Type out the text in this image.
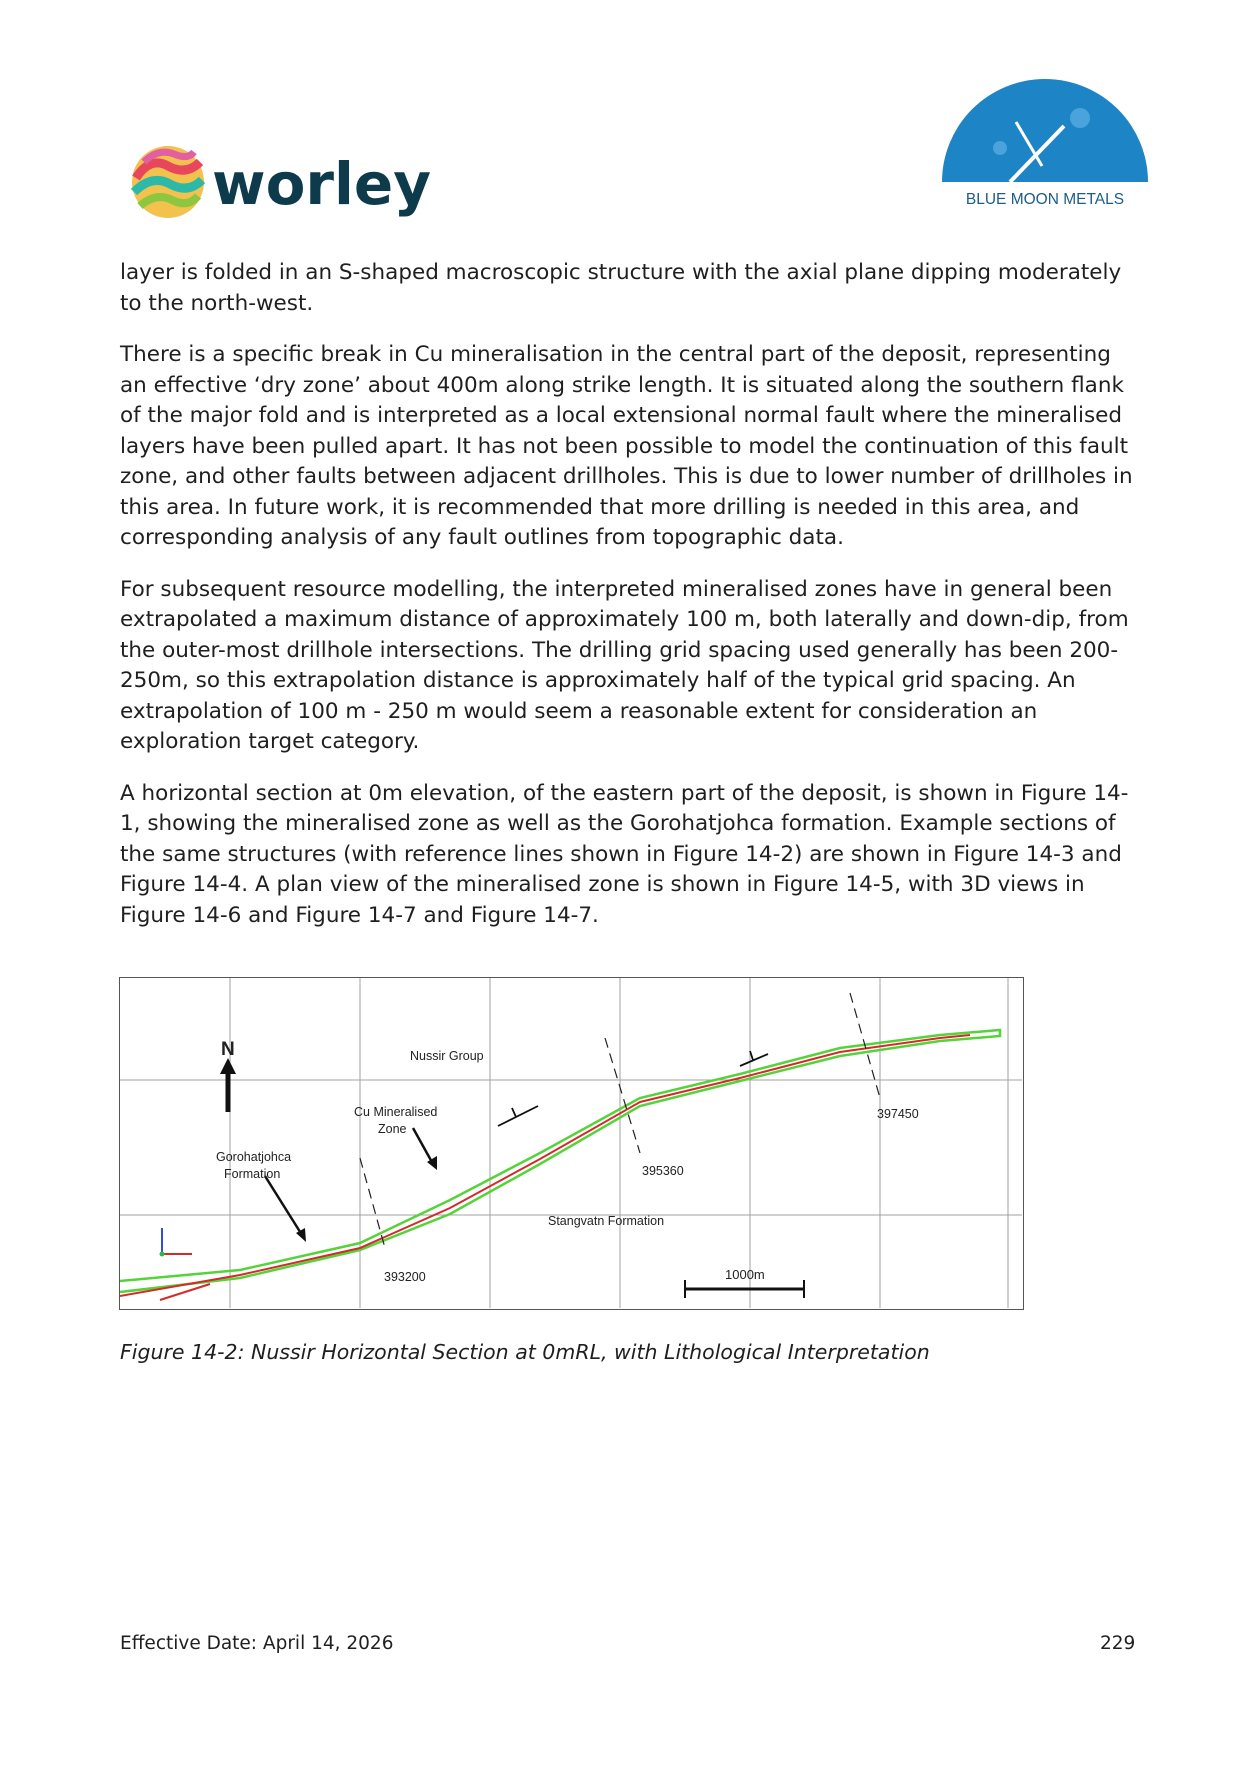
worley	BLUE MOON METALS

layer is folded in an S-shaped macroscopic structure with the axial plane dipping moderately to the north-west.

There is a specific break in Cu mineralisation in the central part of the deposit, representing an effective ‘dry zone’ about 400m along strike length. It is situated along the southern flank of the major fold and is interpreted as a local extensional normal fault where the mineralised layers have been pulled apart. It has not been possible to model the continuation of this fault zone, and other faults between adjacent drillholes. This is due to lower number of drillholes in this area. In future work, it is recommended that more drilling is needed in this area, and corresponding analysis of any fault outlines from topographic data.

For subsequent resource modelling, the interpreted mineralised zones have in general been extrapolated a maximum distance of approximately 100 m, both laterally and down-dip, from the outer-most drillhole intersections. The drilling grid spacing used generally has been 200-250m, so this extrapolation distance is approximately half of the typical grid spacing. An extrapolation of 100 m - 250 m would seem a reasonable extent for consideration an exploration target category.

A horizontal section at 0m elevation, of the eastern part of the deposit, is shown in Figure 14-1, showing the mineralised zone as well as the Gorohatjohca formation. Example sections of the same structures (with reference lines shown in Figure 14-2) are shown in Figure 14-3 and Figure 14-4. A plan view of the mineralised zone is shown in Figure 14-5, with 3D views in Figure 14-6 and Figure 14-7 and Figure 14-7.

N	Nussir Group
Cu Mineralised
Zone
Gorohatjohca
Formation
Stangvatn Formation
393200
395360
397450
1000m
Figure 14-2: Nussir Horizontal Section at 0mRL, with Lithological Interpretation
Effective Date: April 14, 2026	229
